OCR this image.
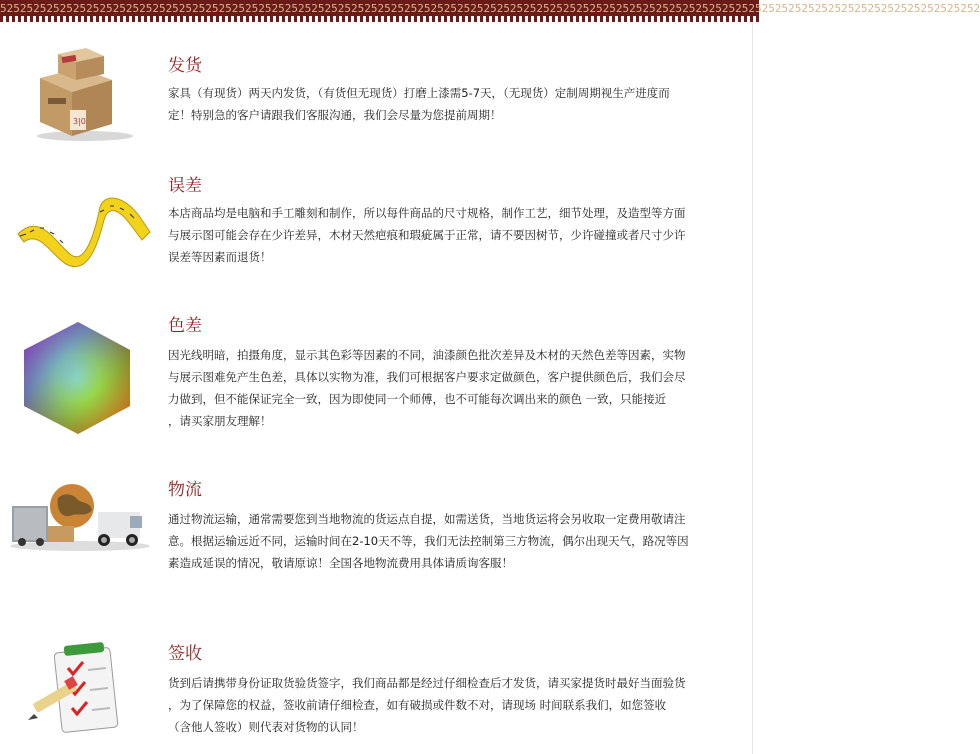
5252525252525252525252525252525252525252525252525252525252525252525252525252525252525252525252525252525252525252525252525252525252525252525252525252
3|0
发货
家具（有现货）两天内发货，（有货但无现货）打磨上漆需5-7天，（无现货）定制周期视生产进度而
定！特别急的客户请跟我们客服沟通，我们会尽量为您提前周期！
误差
本店商品均是电脑和手工雕刻和制作，所以每件商品的尺寸规格，制作工艺，细节处理，及造型等方面
与展示图可能会存在少许差异，木材天然疤痕和瑕疵属于正常，请不要因树节，少许碰撞或者尺寸少许
误差等因素而退货！
色差
因光线明暗，拍摄角度，显示其色彩等因素的不同，油漆颜色批次差异及木材的天然色差等因素，实物
与展示图难免产生色差，具体以实物为准，我们可根据客户要求定做颜色，客户提供颜色后，我们会尽
力做到，但不能保证完全一致，因为即使同一个师傅，也不可能每次调出来的颜色 一致，只能接近
，请买家朋友理解！
物流
通过物流运输，通常需要您到当地物流的货运点自提，如需送货，当地货运将会另收取一定费用敬请注
意。根据运输远近不同，运输时间在2-10天不等，我们无法控制第三方物流，偶尔出现天气，路况等因
素造成延误的情况，敬请原谅！全国各地物流费用具体请质询客服！
签收
货到后请携带身份证取货验货签字，我们商品都是经过仔细检查后才发货，请买家提货时最好当面验货
，为了保障您的权益，签收前请仔细检查，如有破损或件数不对，请现场 时间联系我们，如您签收
（含他人签收）则代表对货物的认同！
